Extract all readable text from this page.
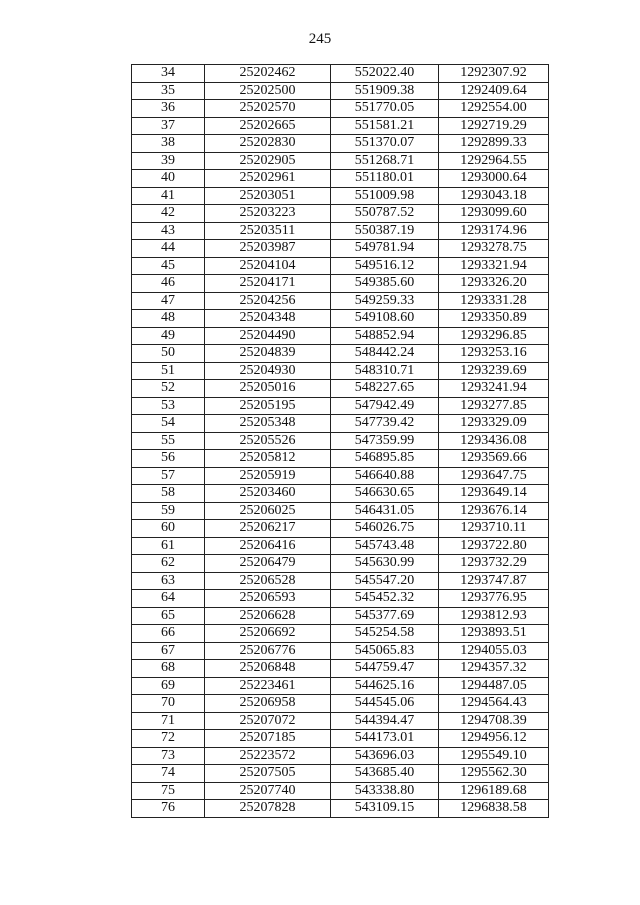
245
34	25202462	552022.40	1292307.92
35	25202500	551909.38	1292409.64
36	25202570	551770.05	1292554.00
37	25202665	551581.21	1292719.29
38	25202830	551370.07	1292899.33
39	25202905	551268.71	1292964.55
40	25202961	551180.01	1293000.64
41	25203051	551009.98	1293043.18
42	25203223	550787.52	1293099.60
43	25203511	550387.19	1293174.96
44	25203987	549781.94	1293278.75
45	25204104	549516.12	1293321.94
46	25204171	549385.60	1293326.20
47	25204256	549259.33	1293331.28
48	25204348	549108.60	1293350.89
49	25204490	548852.94	1293296.85
50	25204839	548442.24	1293253.16
51	25204930	548310.71	1293239.69
52	25205016	548227.65	1293241.94
53	25205195	547942.49	1293277.85
54	25205348	547739.42	1293329.09
55	25205526	547359.99	1293436.08
56	25205812	546895.85	1293569.66
57	25205919	546640.88	1293647.75
58	25203460	546630.65	1293649.14
59	25206025	546431.05	1293676.14
60	25206217	546026.75	1293710.11
61	25206416	545743.48	1293722.80
62	25206479	545630.99	1293732.29
63	25206528	545547.20	1293747.87
64	25206593	545452.32	1293776.95
65	25206628	545377.69	1293812.93
66	25206692	545254.58	1293893.51
67	25206776	545065.83	1294055.03
68	25206848	544759.47	1294357.32
69	25223461	544625.16	1294487.05
70	25206958	544545.06	1294564.43
71	25207072	544394.47	1294708.39
72	25207185	544173.01	1294956.12
73	25223572	543696.03	1295549.10
74	25207505	543685.40	1295562.30
75	25207740	543338.80	1296189.68
76	25207828	543109.15	1296838.58
